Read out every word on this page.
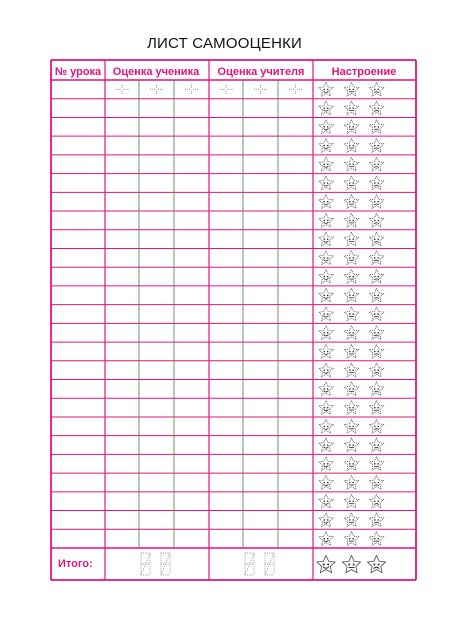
ЛИСТ САМООЦЕНКИ
№ урока Оценка ученика Оценка учителя Настроение
Итого:
